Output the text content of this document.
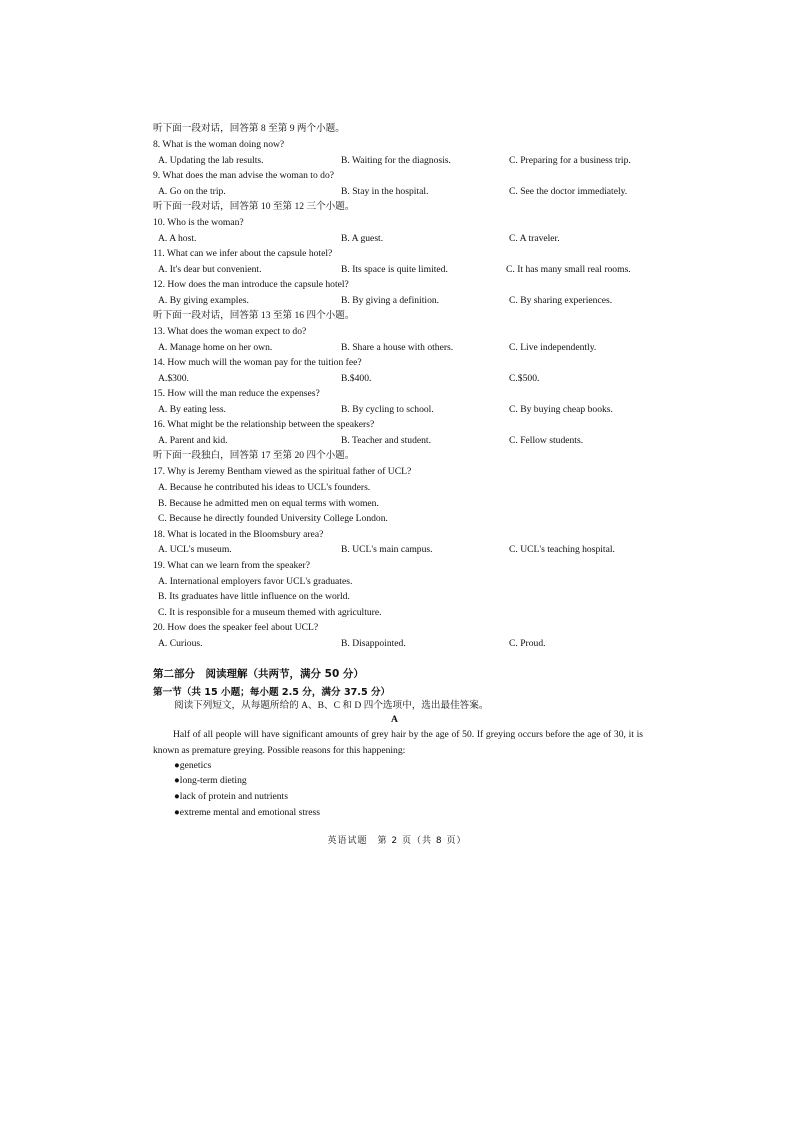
听下面一段对话，回答第 8 至第 9 两个小题。
8. What is the woman doing now?
A. Updating the lab results.	B. Waiting for the diagnosis.	C. Preparing for a business trip.
9. What does the man advise the woman to do?
A. Go on the trip.	B. Stay in the hospital.	C. See the doctor immediately.
听下面一段对话，回答第 10 至第 12 三个小题。
10. Who is the woman?
A. A host.	B. A guest.	C. A traveler.
11. What can we infer about the capsule hotel?
A. It's dear but convenient.	B. Its space is quite limited.	C. It has many small real rooms.
12. How does the man introduce the capsule hotel?
A. By giving examples.	B. By giving a definition.	C. By sharing experiences.
听下面一段对话，回答第 13 至第 16 四个小题。
13. What does the woman expect to do?
A. Manage home on her own.	B. Share a house with others.	C. Live independently.
14. How much will the woman pay for the tuition fee?
A.$300.	B.$400.	C.$500.
15. How will the man reduce the expenses?
A. By eating less.	B. By cycling to school.	C. By buying cheap books.
16. What might be the relationship between the speakers?
A. Parent and kid.	B. Teacher and student.	C. Fellow students.
听下面一段独白，回答第 17 至第 20 四个小题。
17. Why is Jeremy Bentham viewed as the spiritual father of UCL?
A. Because he contributed his ideas to UCL's founders.
B. Because he admitted men on equal terms with women.
C. Because he directly founded University College London.
18. What is located in the Bloomsbury area?
A. UCL's museum.	B. UCL's main campus.	C. UCL's teaching hospital.
19. What can we learn from the speaker?
A. International employers favor UCL's graduates.
B. Its graduates have little influence on the world.
C. It is responsible for a museum themed with agriculture.
20. How does the speaker feel about UCL?
A. Curious.	B. Disappointed.	C. Proud.
第二部分　阅读理解（共两节，满分 50 分）
第一节（共 15 小题；每小题 2.5 分，满分 37.5 分）
阅读下列短文，从每题所给的 A、B、C 和 D 四个选项中，选出最佳答案。
A
Half of all people will have significant amounts of grey hair by the age of 50. If greying occurs before the age of 30, it is known as premature greying. Possible reasons for this happening:
●genetics
●long-term dieting
●lack of protein and nutrients
●extreme mental and emotional stress
英语试题　第 2 页（共 8 页）
